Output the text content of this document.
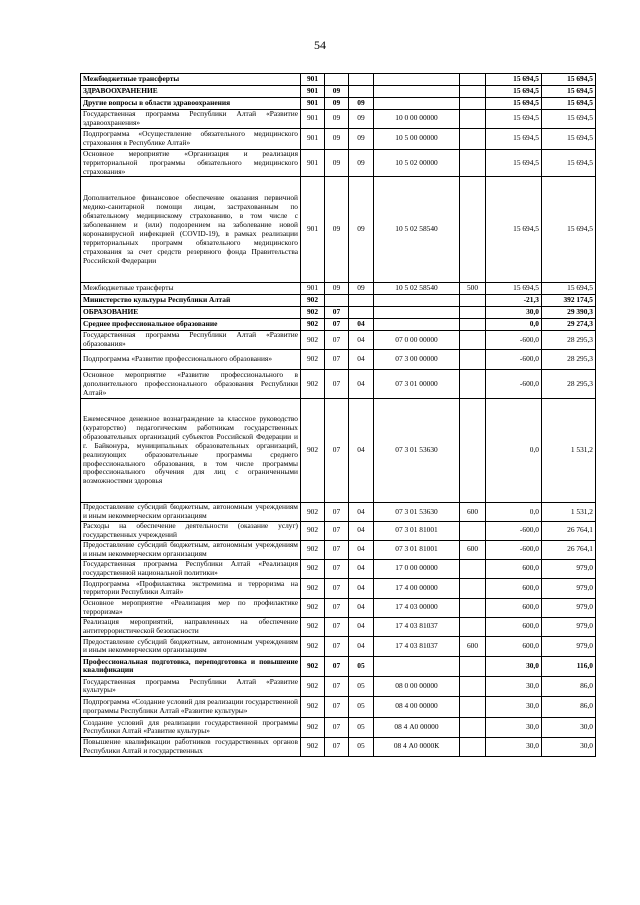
54
Межбюджетные трансферты	901					15 694,5	15 694,5
ЗДРАВООХРАНЕНИЕ	901	09				15 694,5	15 694,5
Другие вопросы в области здравоохранения	901	09	09			15 694,5	15 694,5
Государственная программа Республики Алтай «Развитие здравоохранения»	901	09	09	10 0 00 00000		15 694,5	15 694,5
Подпрограмма «Осуществление обязательного медицинского страхования в Республике Алтай»	901	09	09	10 5 00 00000		15 694,5	15 694,5
Основное мероприятие «Организация и реализация территориальной программы обязательного медицинского страхования»	901	09	09	10 5 02 00000		15 694,5	15 694,5
Дополнительное финансовое обеспечение оказания первичной медико-санитарной помощи лицам, застрахованным по обязательному медицинскому страхованию, в том числе с заболеванием и (или) подозрением на заболевание новой коронавирусной инфекцией (COVID-19), в рамках реализации территориальных программ обязательного медицинского страхования за счет средств резервного фонда Правительства Российской Федерации	901	09	09	10 5 02 58540		15 694,5	15 694,5
Межбюджетные трансферты	901	09	09	10 5 02 58540	500	15 694,5	15 694,5
Министерство культуры Республики Алтай	902					-21,3	392 174,5
ОБРАЗОВАНИЕ	902	07				30,0	29 390,3
Среднее профессиональное образование	902	07	04			0,0	29 274,3
Государственная программа Республики Алтай «Развитие образования»	902	07	04	07 0 00 00000		-600,0	28 295,3
Подпрограмма «Развитие профессионального образования»	902	07	04	07 3 00 00000		-600,0	28 295,3
Основное мероприятие «Развитие профессионального в дополнительного профессионального образования Республики Алтай»	902	07	04	07 3 01 00000		-600,0	28 295,3
Ежемесячное денежное вознаграждение за классное руководство (кураторство) педагогическим работникам государственных образовательных организаций субъектов Российской Федерации и г. Байконура, муниципальных образовательных организаций, реализующих образовательные программы среднего профессионального образования, в том числе программы профессионального обучения для лиц с ограниченными возможностями здоровья	902	07	04	07 3 01 53630		0,0	1 531,2
Предоставление субсидий бюджетным, автономным учреждениям и иным некоммерческим организациям	902	07	04	07 3 01 53630	600	0,0	1 531,2
Расходы на обеспечение деятельности (оказание услуг) государственных учреждений	902	07	04	07 3 01 81001		-600,0	26 764,1
Предоставление субсидий бюджетным, автономным учреждениям и иным некоммерческим организациям	902	07	04	07 3 01 81001	600	-600,0	26 764,1
Государственная программа Республики Алтай «Реализация государственной национальной политики»	902	07	04	17 0 00 00000		600,0	979,0
Подпрограмма «Профилактика экстремизма и терроризма на территории Республики Алтай»	902	07	04	17 4 00 00000		600,0	979,0
Основное мероприятие «Реализация мер по профилактике терроризма»	902	07	04	17 4 03 00000		600,0	979,0
Реализация мероприятий, направленных на обеспечение антитеррористической безопасности	902	07	04	17 4 03 81037		600,0	979,0
Предоставление субсидий бюджетным, автономным учреждениям и иным некоммерческим организациям	902	07	04	17 4 03 81037	600	600,0	979,0
Профессиональная подготовка, переподготовка и повышение квалификации	902	07	05			30,0	116,0
Государственная программа Республики Алтай «Развитие культуры»	902	07	05	08 0 00 00000		30,0	86,0
Подпрограмма «Создание условий для реализации государственной программы Республики Алтай «Развитие культуры»	902	07	05	08 4 00 00000		30,0	86,0
Создание условий для реализации государственной программы Республики Алтай «Развитие культуры»	902	07	05	08 4 А0 00000		30,0	30,0
Повышение квалификации работников государственных органов Республики Алтай и государственных	902	07	05	08 4 А0 0000К		30,0	30,0
